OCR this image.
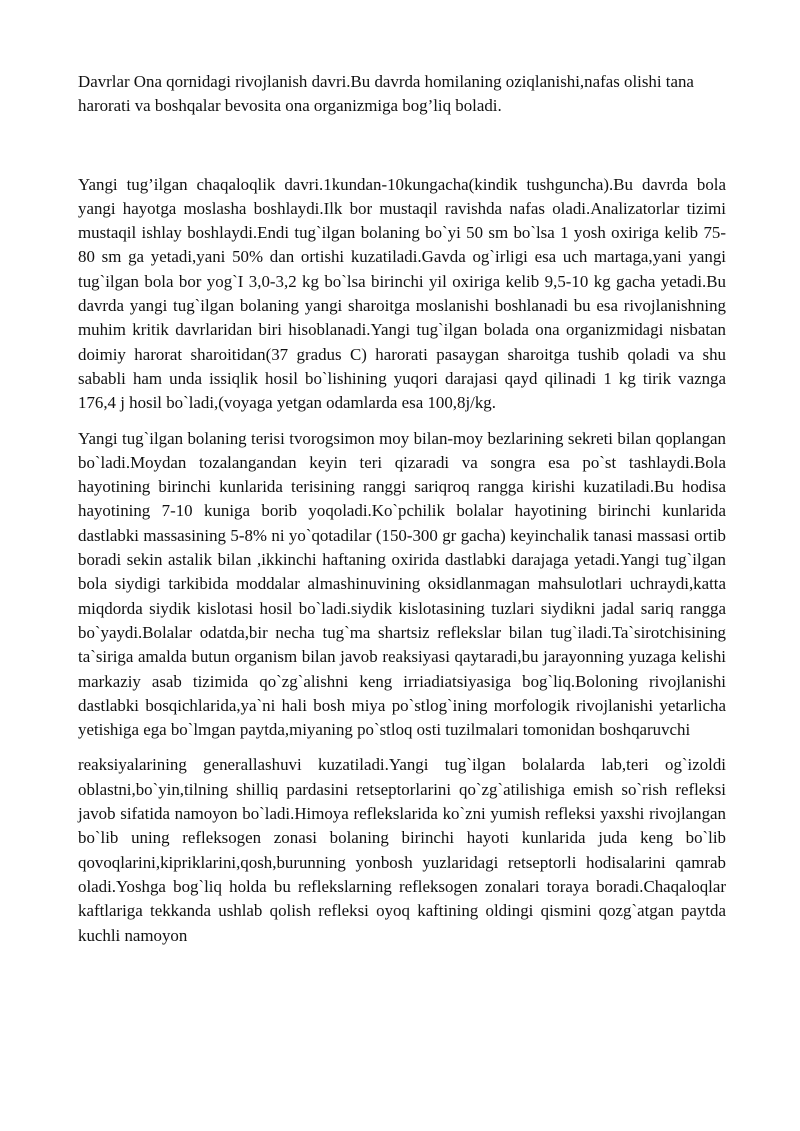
Davrlar Ona qornidagi rivojlanish davri.Bu davrda homilaning oziqlanishi,nafas olishi tana harorati va boshqalar bevosita ona organizmiga bog’liq boladi.

Yangi tug’ilgan chaqaloqlik davri.1kundan-10kungacha(kindik tushguncha).Bu davrda bola yangi hayotga moslasha boshlaydi.Ilk bor mustaqil ravishda nafas oladi.Analizatorlar tizimi mustaqil ishlay boshlaydi.Endi tug`ilgan bolaning bo`yi 50 sm bo`lsa 1 yosh oxiriga kelib 75-80 sm ga yetadi,yani 50% dan ortishi kuzatiladi.Gavda og`irligi esa uch martaga,yani yangi tug`ilgan bola bor yog`I 3,0-3,2 kg bo`lsa birinchi yil oxiriga kelib 9,5-10 kg gacha yetadi.Bu davrda yangi tug`ilgan bolaning yangi sharoitga moslanishi boshlanadi bu esa rivojlanishning muhim kritik davrlaridan biri hisoblanadi.Yangi tug`ilgan bolada ona organizmidagi nisbatan doimiy harorat sharoitidan(37 gradus C) harorati pasaygan sharoitga tushib qoladi va shu sababli ham unda issiqlik hosil bo`lishining yuqori darajasi qayd qilinadi 1 kg tirik vaznga 176,4 j hosil bo`ladi,(voyaga yetgan odamlarda esa 100,8j/kg.

Yangi tug`ilgan bolaning terisi tvorogsimon moy bilan-moy bezlarining sekreti bilan qoplangan bo`ladi.Moydan tozalangandan keyin teri qizaradi va songra esa po`st tashlaydi.Bola hayotining birinchi kunlarida terisining ranggi sariqroq rangga kirishi kuzatiladi.Bu hodisa hayotining 7-10 kuniga borib yoqoladi.Ko`pchilik bolalar hayotining birinchi kunlarida dastlabki massasining 5-8% ni yo`qotadilar (150-300 gr gacha) keyinchalik tanasi massasi ortib boradi sekin astalik bilan ,ikkinchi haftaning oxirida dastlabki darajaga yetadi.Yangi tug`ilgan bola siydigi tarkibida moddalar almashinuvining oksidlanmagan mahsulotlari uchraydi,katta miqdorda siydik kislotasi hosil bo`ladi.siydik kislotasining tuzlari siydikni jadal sariq rangga bo`yaydi.Bolalar odatda,bir necha tug`ma shartsiz reflekslar bilan tug`iladi.Ta`sirotchisining ta`siriga amalda butun organism bilan javob reaksiyasi qaytaradi,bu jarayonning yuzaga kelishi markaziy asab tizimida qo`zg`alishni keng irriadiatsiyasiga bog`liq.Boloning rivojlanishi dastlabki bosqichlarida,ya`ni hali bosh miya po`stlog`ining morfologik rivojlanishi yetarlicha yetishiga ega bo`lmgan paytda,miyaning po`stloq osti tuzilmalari tomonidan boshqaruvchi

reaksiyalarining generallashuvi kuzatiladi.Yangi tug`ilgan bolalarda lab,teri og`izoldi oblastni,bo`yin,tilning shilliq pardasini retseptorlarini qo`zg`atilishiga emish so`rish refleksi javob sifatida namoyon bo`ladi.Himoya reflekslarida ko`zni yumish refleksi yaxshi rivojlangan bo`lib uning refleksogen zonasi bolaning birinchi hayoti kunlarida juda keng bo`lib qovoqlarini,kipriklarini,qosh,burunning yonbosh yuzlaridagi retseptorli hodisalarini qamrab oladi.Yoshga bog`liq holda bu reflekslarning refleksogen zonalari toraya boradi.Chaqaloqlar kaftlariga tekkanda ushlab qolish refleksi oyoq kaftining oldingi qismini qozg`atgan paytda kuchli namoyon
